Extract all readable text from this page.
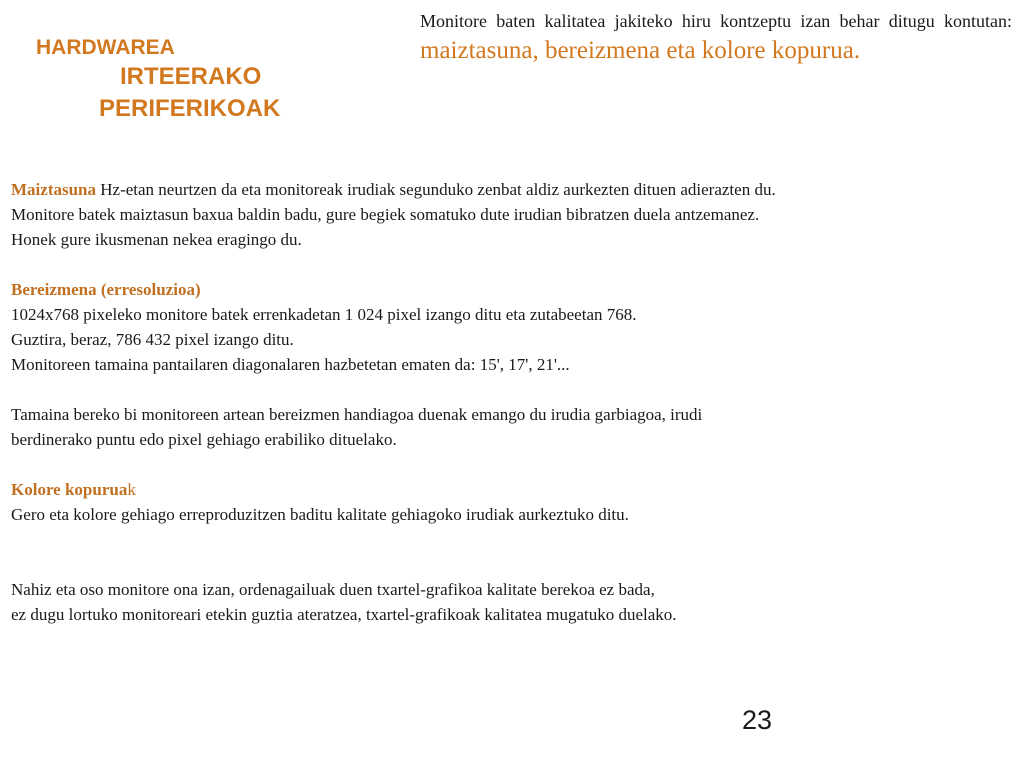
HARDWAREA
IRTEERAKO
PERIFERIKOAK

Monitore baten kalitatea jakiteko hiru kontzeptu izan behar ditugu kontutan: maiztasuna, bereizmena eta kolore kopurua.

Maiztasuna Hz-etan neurtzen da eta monitoreak irudiak segunduko zenbat aldiz aurkezten dituen adierazten du.

Monitore batek maiztasun baxua baldin badu, gure begiek somatuko dute irudian bibratzen duela antzemanez.

Honek gure ikusmenan nekea eragingo du.

Bereizmena (erresoluzioa)

1024x768 pixeleko monitore batek errenkadetan 1 024 pixel izango ditu eta zutabeetan 768.

Guztira, beraz, 786 432 pixel izango ditu.

Monitoreen tamaina pantailaren diagonalaren hazbetetan ematen da: 15', 17', 21'...

Tamaina bereko bi monitoreen artean bereizmen handiagoa duenak emango du irudia garbiagoa, irudi

berdinerako puntu edo pixel gehiago erabiliko dituelako.

Kolore kopuruak

Gero eta kolore gehiago erreproduzitzen baditu kalitate gehiagoko irudiak aurkeztuko ditu.

Nahiz eta oso monitore ona izan, ordenagailuak duen txartel-grafikoa kalitate berekoa ez bada,

ez dugu lortuko monitoreari etekin guztia ateratzea, txartel-grafikoak kalitatea mugatuko duelako.

23
